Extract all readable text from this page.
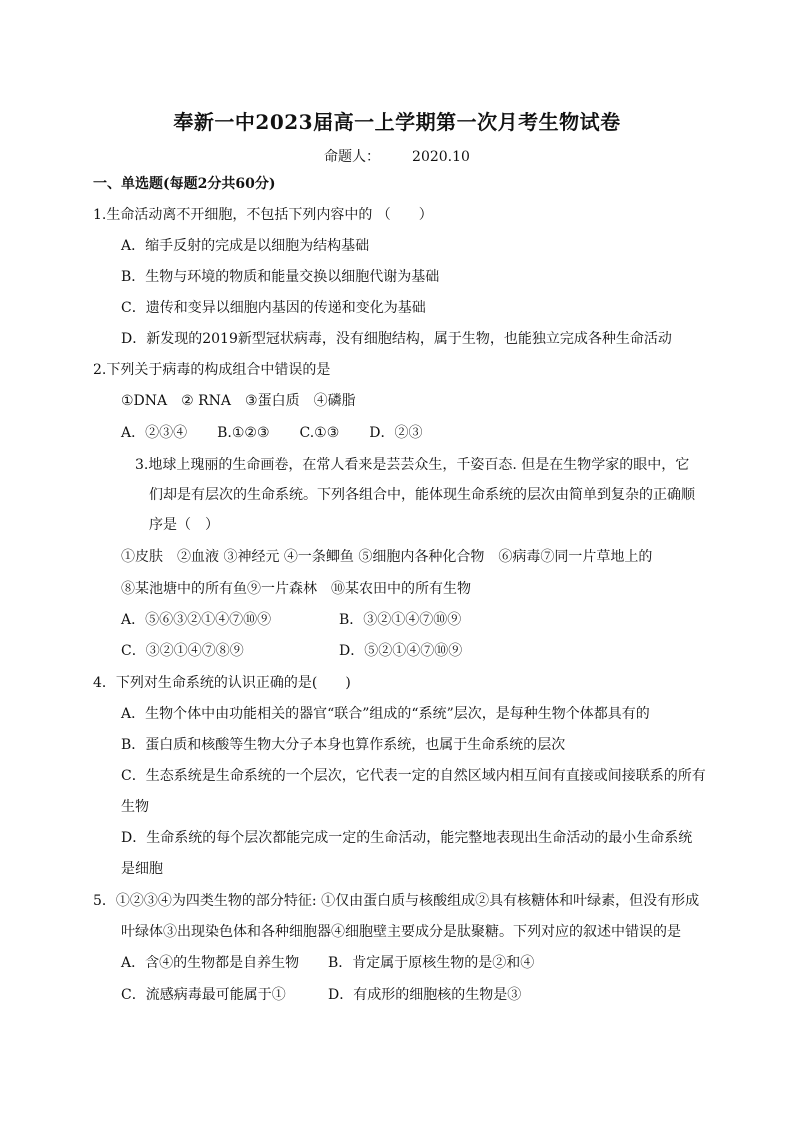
奉新一中2023届高一上学期第一次月考生物试卷
命题人： 2020.10
一、单选题(每题2分共60分)
1.生命活动离不开细胞，不包括下列内容中的 （　　）
A．缩手反射的完成是以细胞为结构基础
B．生物与环境的物质和能量交换以细胞代谢为基础
C．遗传和变异以细胞内基因的传递和变化为基础
D．新发现的2019新型冠状病毒，没有细胞结构，属于生物，也能独立完成各种生命活动
2.下列关于病毒的构成组合中错误的是
①DNA　② RNA　③蛋白质　④磷脂
A．②③④ B.①②③ C.①③ D．②③
3.地球上瑰丽的生命画卷，在常人看来是芸芸众生，千姿百态. 但是在生物学家的眼中，它
们却是有层次的生命系统。下列各组合中，能体现生命系统的层次由简单到复杂的正确顺
序是（　）
①皮肤　②血液 ③神经元 ④一条鲫鱼 ⑤细胞内各种化合物　⑥病毒⑦同一片草地上的
⑧某池塘中的所有鱼⑨一片森林　⑩某农田中的所有生物
A．⑤⑥③②①④⑦⑩⑨	B．③②①④⑦⑩⑨
C．③②①④⑦⑧⑨	D．⑤②①④⑦⑩⑨
4．下列对生命系统的认识正确的是(　　)
A．生物个体中由功能相关的器官“联合”组成的“系统”层次，是每种生物个体都具有的
B．蛋白质和核酸等生物大分子本身也算作系统，也属于生命系统的层次
C．生态系统是生命系统的一个层次，它代表一定的自然区域内相互间有直接或间接联系的所有
生物
D．生命系统的每个层次都能完成一定的生命活动，能完整地表现出生命活动的最小生命系统
是细胞
5．①②③④为四类生物的部分特征: ①仅由蛋白质与核酸组成②具有核糖体和叶绿素，但没有形成
叶绿体③出现染色体和各种细胞器④细胞壁主要成分是肽聚糖。下列对应的叙述中错误的是
A．含④的生物都是自养生物 B．肯定属于原核生物的是②和④
C．流感病毒最可能属于①	D．有成形的细胞核的生物是③
